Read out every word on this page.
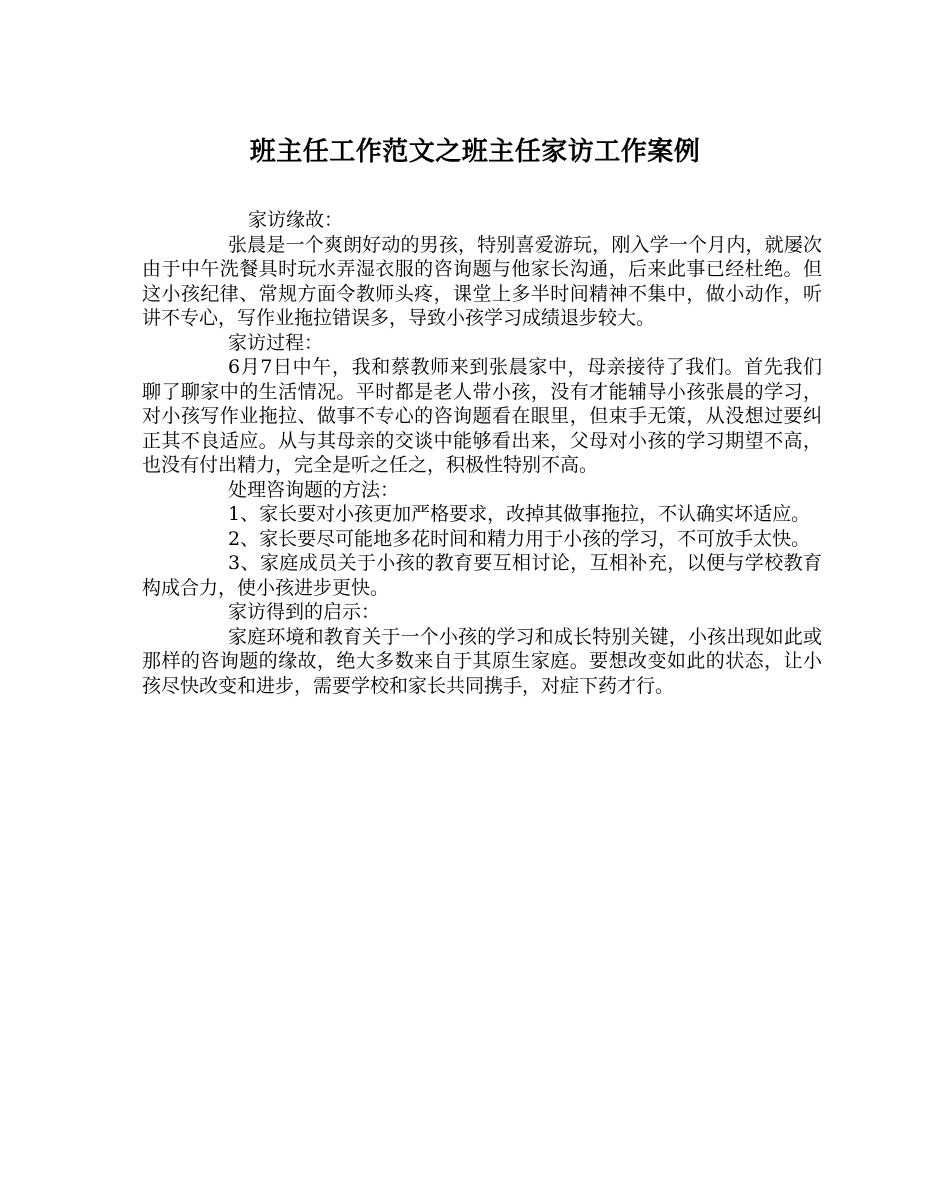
班主任工作范文之班主任家访工作案例

家访缘故：

张晨是一个爽朗好动的男孩，特别喜爱游玩，刚入学一个月内，就屡次由于中午洗餐具时玩水弄湿衣服的咨询题与他家长沟通，后来此事已经杜绝。但这小孩纪律、常规方面令教师头疼，课堂上多半时间精神不集中，做小动作，听讲不专心，写作业拖拉错误多，导致小孩学习成绩退步较大。

家访过程：

6月7日中午，我和蔡教师来到张晨家中，母亲接待了我们。首先我们聊了聊家中的生活情况。平时都是老人带小孩，没有才能辅导小孩张晨的学习，对小孩写作业拖拉、做事不专心的咨询题看在眼里，但束手无策，从没想过要纠正其不良适应。从与其母亲的交谈中能够看出来，父母对小孩的学习期望不高，也没有付出精力，完全是听之任之，积极性特别不高。

处理咨询题的方法：

1、家长要对小孩更加严格要求，改掉其做事拖拉，不认确实坏适应。

2、家长要尽可能地多花时间和精力用于小孩的学习，不可放手太快。

3、家庭成员关于小孩的教育要互相讨论，互相补充，以便与学校教育构成合力，使小孩进步更快。

家访得到的启示：

家庭环境和教育关于一个小孩的学习和成长特别关键，小孩出现如此或那样的咨询题的缘故，绝大多数来自于其原生家庭。要想改变如此的状态，让小孩尽快改变和进步，需要学校和家长共同携手，对症下药才行。
